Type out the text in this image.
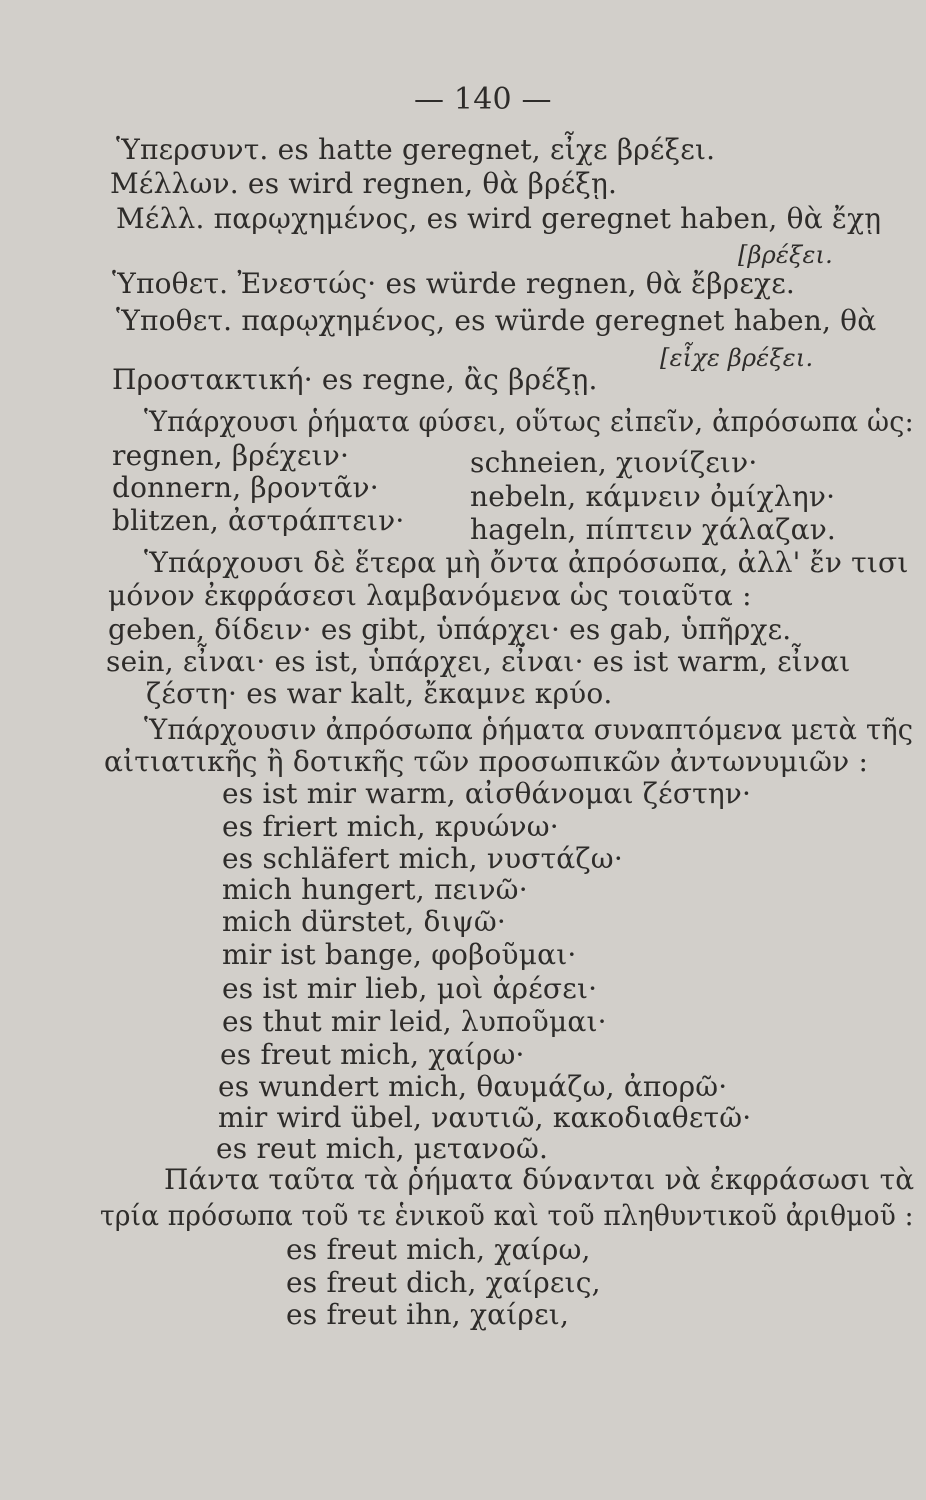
— 140 —
Ὑπερσυντ. es hatte geregnet, εἶχε βρέξει.
Μέλλων. es wird regnen, θὰ βρέξῃ.
Μέλλ. παρῳχημένος, es wird geregnet haben, θὰ ἔχῃ
[βρέξει.
Ὑποθετ. Ἐνεστώς· es würde regnen, θὰ ἔβρεχε.
Ὑποθετ. παρῳχημένος, es würde geregnet haben, θὰ
[εἶχε βρέξει.
Προστακτική· es regne, ἂς βρέξῃ.
Ὑπάρχουσι ῥήματα φύσει, οὕτως εἰπεῖν, ἀπρόσωπα ὡς:
regnen, βρέχειν·	schneien, χιονίζειν·
donnern, βροντᾶν·	nebeln, κάμνειν ὀμίχλην·
blitzen, ἀστράπτειν· hageln, πίπτειν χάλαζαν.
Ὑπάρχουσι δὲ ἕτερα μὴ ὄντα ἀπρόσωπα, ἀλλ' ἔν τισι
μόνον ἐκφράσεσι λαμβανόμενα ὡς τοιαῦτα :
geben, δίδειν· es gibt, ὑπάρχει· es gab, ὑπῆρχε.
sein, εἶναι· es ist, ὑπάρχει, εἶναι· es ist warm, εἶναι
ζέστη· es war kalt, ἔκαμνε κρύο.
Ὑπάρχουσιν ἀπρόσωπα ῥήματα συναπτόμενα μετὰ τῆς
αἰτιατικῆς ἢ δοτικῆς τῶν προσωπικῶν ἀντωνυμιῶν :
es ist mir warm, αἰσθάνομαι ζέστην·
es friert mich, κρυώνω·
es schläfert mich, νυστάζω·
mich hungert, πεινῶ·
mich dürstet, διψῶ·
mir ist bange, φοβοῦμαι·
es ist mir lieb, μοὶ ἀρέσει·
es thut mir leid, λυποῦμαι·
es freut mich, χαίρω·
es wundert mich, θαυμάζω, ἀπορῶ·
mir wird übel, ναυτιῶ, κακοδιαθετῶ·
es reut mich, μετανοῶ.
Πάντα ταῦτα τὰ ῥήματα δύνανται νὰ ἐκφράσωσι τὰ
τρία πρόσωπα τοῦ τε ἑνικοῦ καὶ τοῦ πληθυντικοῦ ἀριθμοῦ :
es freut mich, χαίρω,
es freut dich, χαίρεις,
es freut ihn, χαίρει,
